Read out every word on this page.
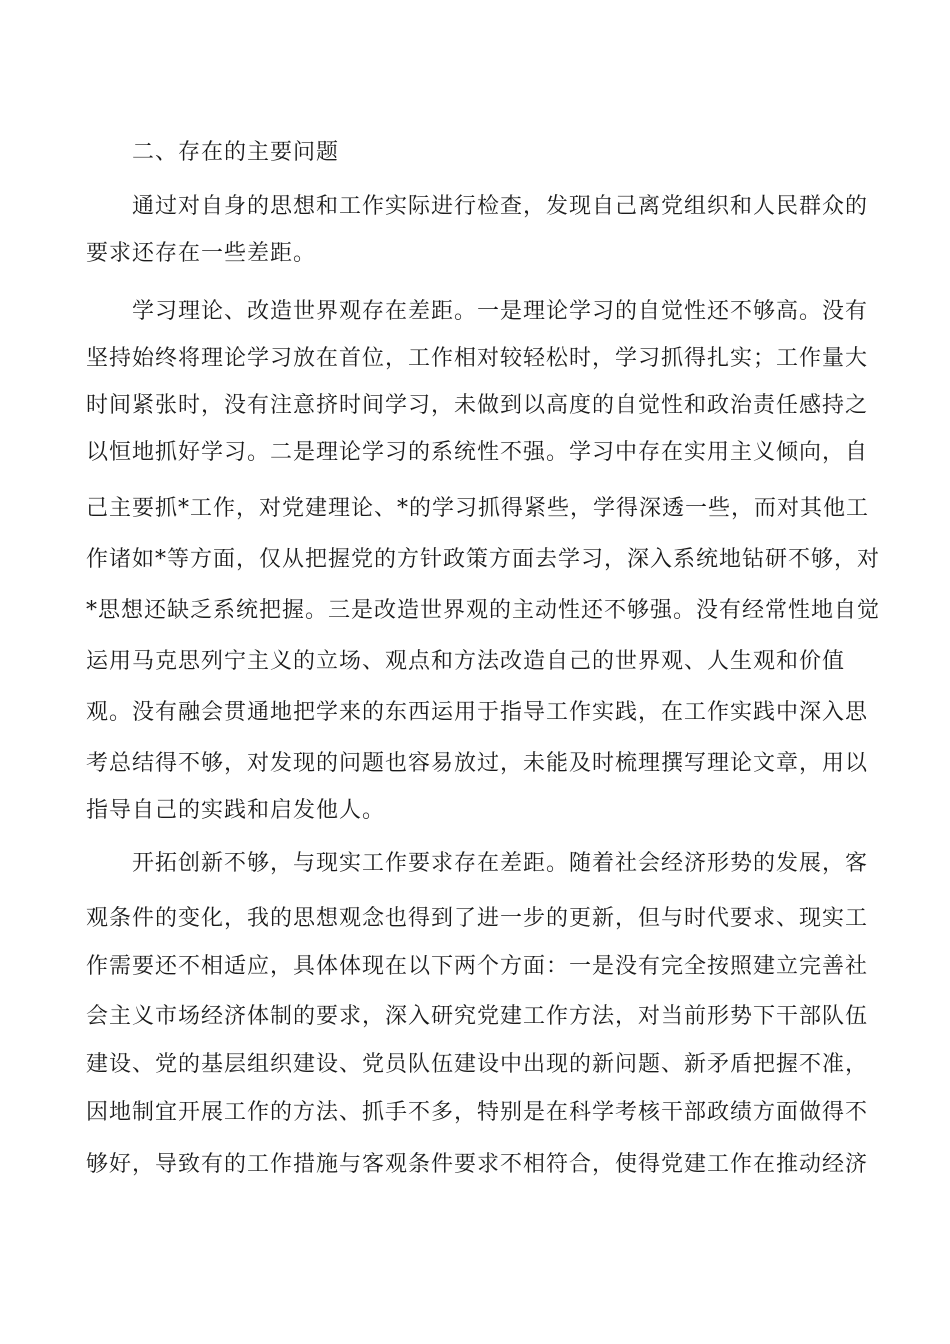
二、存在的主要问题
通过对自身的思想和工作实际进行检查，发现自己离党组织和人民群众的
要求还存在一些差距。
学习理论、改造世界观存在差距。一是理论学习的自觉性还不够高。没有
坚持始终将理论学习放在首位，工作相对较轻松时，学习抓得扎实；工作量大
时间紧张时，没有注意挤时间学习，未做到以高度的自觉性和政治责任感持之
以恒地抓好学习。二是理论学习的系统性不强。学习中存在实用主义倾向，自
己主要抓*工作，对党建理论、*的学习抓得紧些，学得深透一些，而对其他工
作诸如*等方面，仅从把握党的方针政策方面去学习，深入系统地钻研不够，对
*思想还缺乏系统把握。三是改造世界观的主动性还不够强。没有经常性地自觉
运用马克思列宁主义的立场、观点和方法改造自己的世界观、人生观和价值
观。没有融会贯通地把学来的东西运用于指导工作实践，在工作实践中深入思
考总结得不够，对发现的问题也容易放过，未能及时梳理撰写理论文章，用以
指导自己的实践和启发他人。
开拓创新不够，与现实工作要求存在差距。随着社会经济形势的发展，客
观条件的变化，我的思想观念也得到了进一步的更新，但与时代要求、现实工
作需要还不相适应，具体体现在以下两个方面：一是没有完全按照建立完善社
会主义市场经济体制的要求，深入研究党建工作方法，对当前形势下干部队伍
建设、党的基层组织建设、党员队伍建设中出现的新问题、新矛盾把握不准，
因地制宜开展工作的方法、抓手不多，特别是在科学考核干部政绩方面做得不
够好，导致有的工作措施与客观条件要求不相符合，使得党建工作在推动经济
